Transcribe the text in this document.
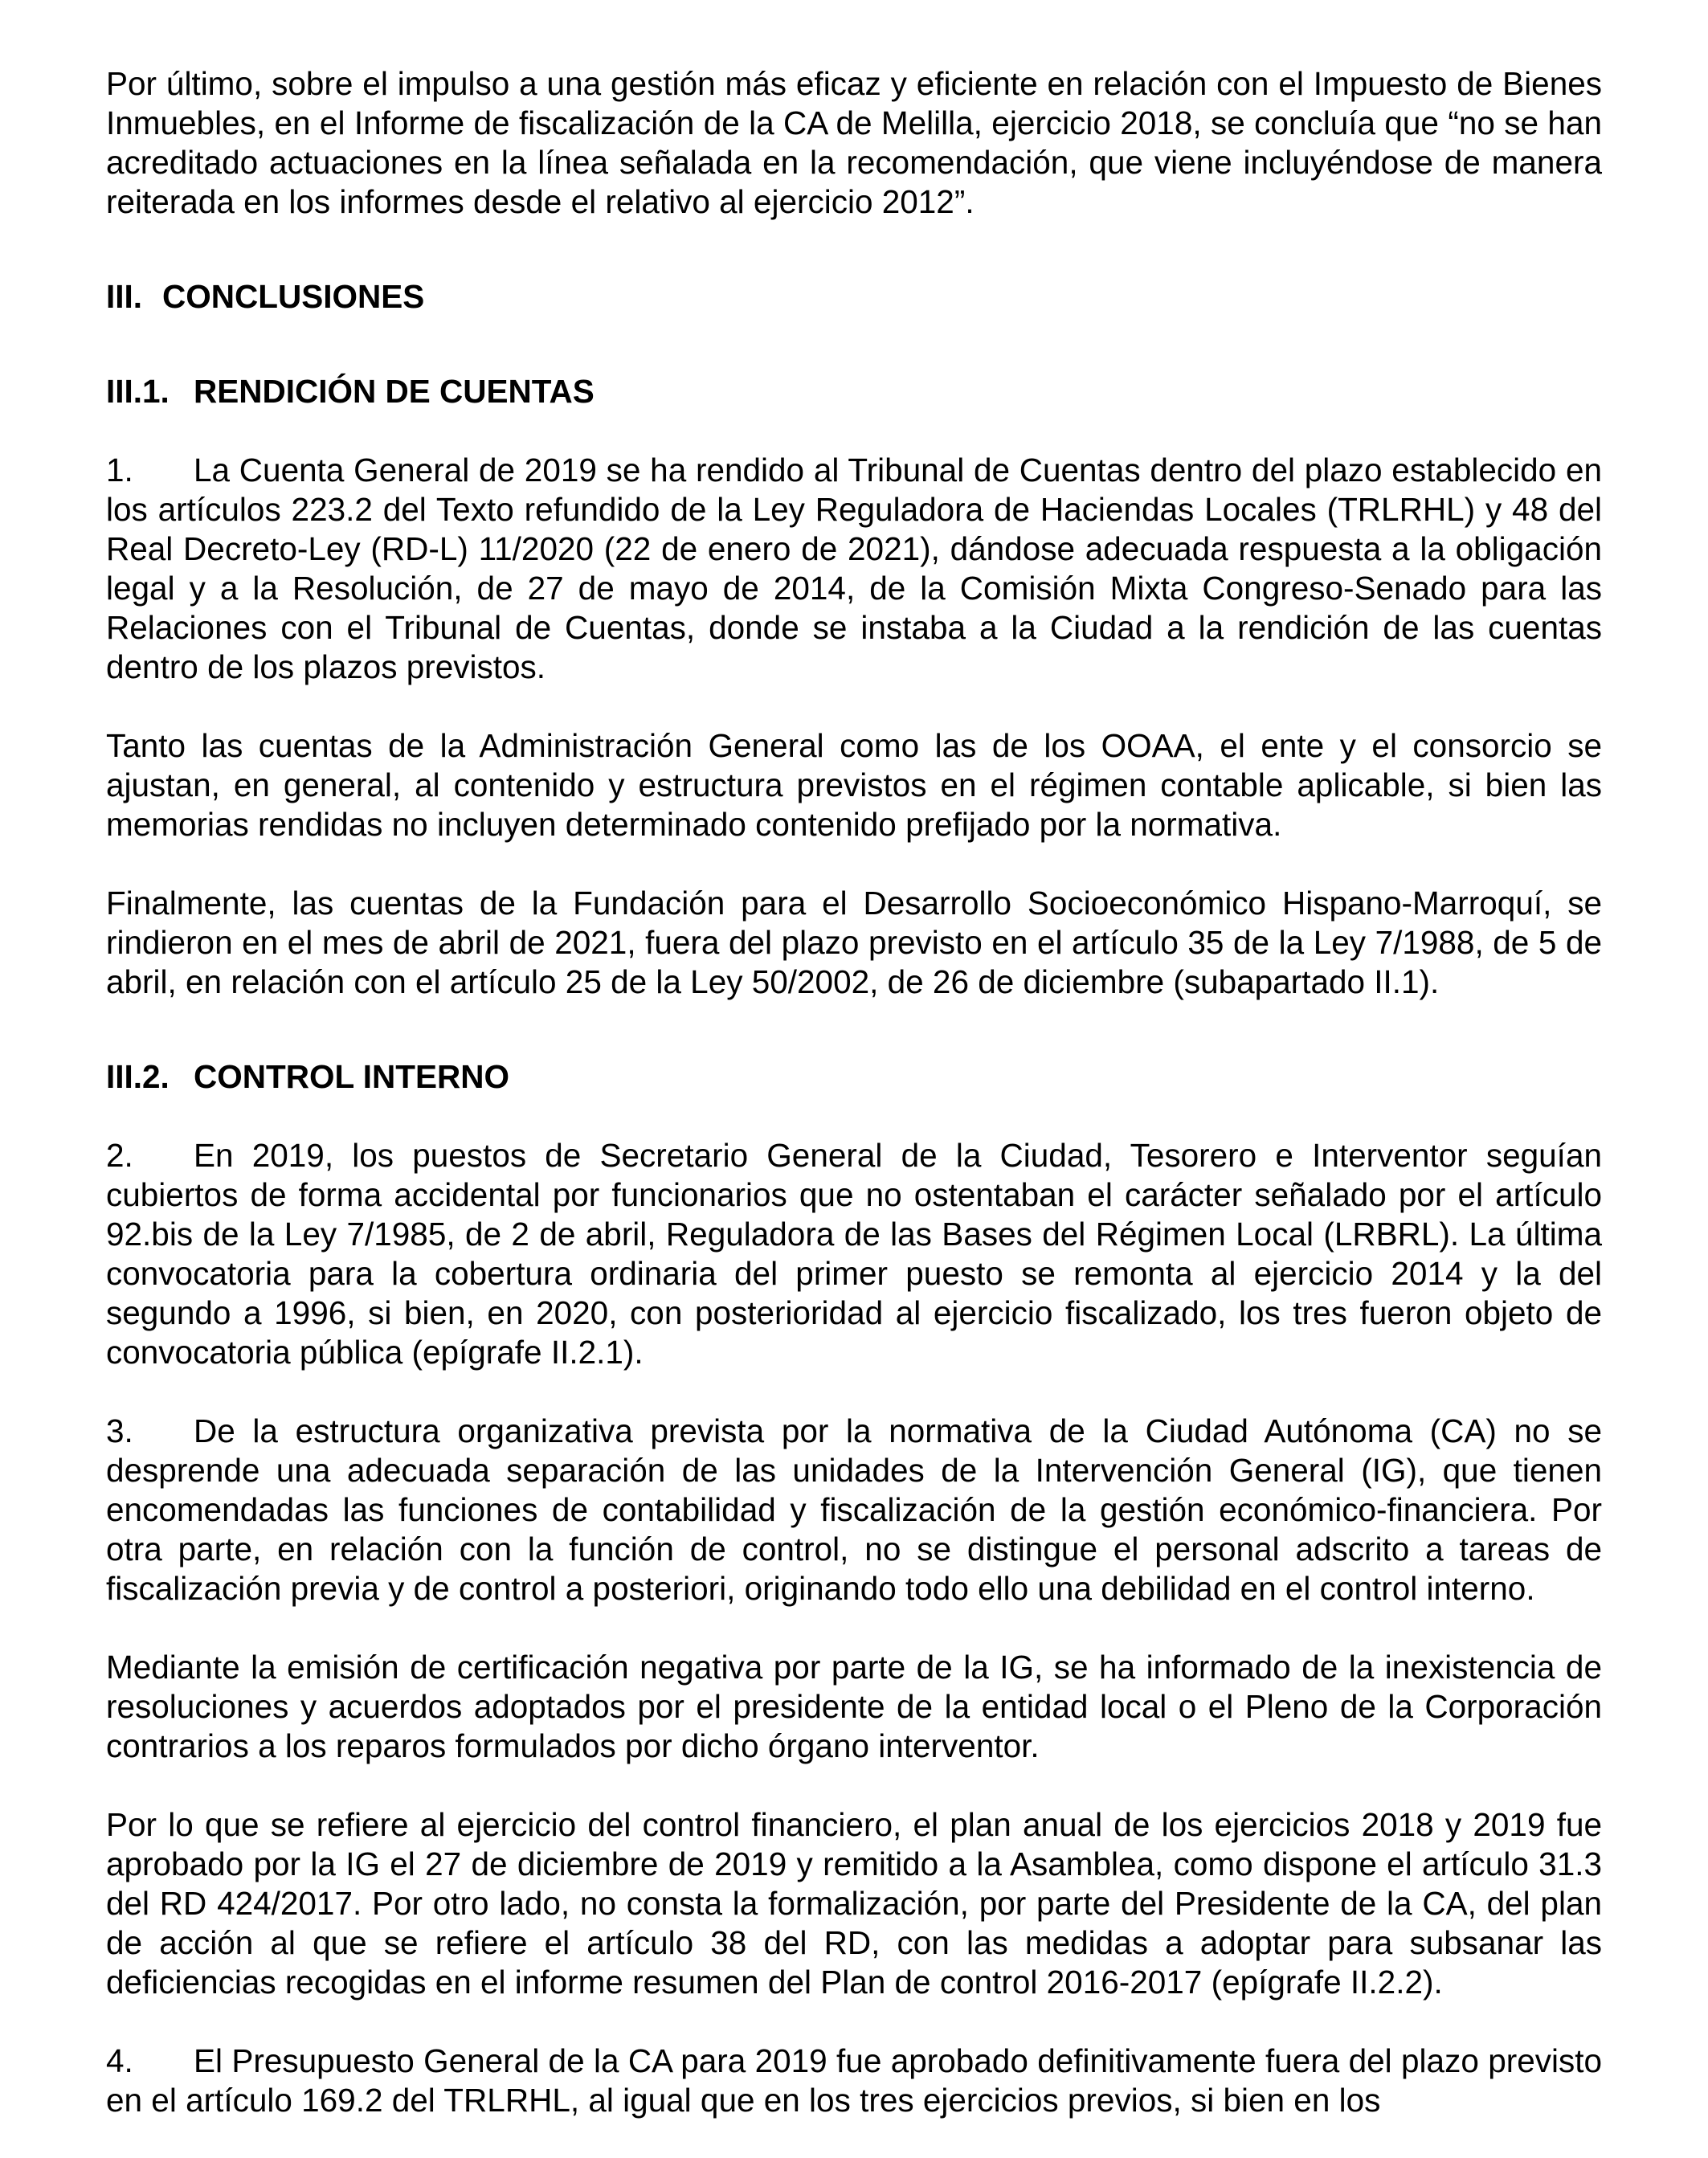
Por último, sobre el impulso a una gestión más eficaz y eficiente en relación con el Impuesto de Bienes Inmuebles, en el Informe de fiscalización de la CA de Melilla, ejercicio 2018, se concluía que “no se han acreditado actuaciones en la línea señalada en la recomendación, que viene incluyéndose de manera reiterada en los informes desde el relativo al ejercicio 2012”.

III. CONCLUSIONES
III.1. RENDICIÓN DE CUENTAS

1. La Cuenta General de 2019 se ha rendido al Tribunal de Cuentas dentro del plazo establecido en los artículos 223.2 del Texto refundido de la Ley Reguladora de Haciendas Locales (TRLRHL) y 48 del Real Decreto-Ley (RD-L) 11/2020 (22 de enero de 2021), dándose adecuada respuesta a la obligación legal y a la Resolución, de 27 de mayo de 2014, de la Comisión Mixta Congreso-Senado para las Relaciones con el Tribunal de Cuentas, donde se instaba a la Ciudad a la rendición de las cuentas dentro de los plazos previstos.

Tanto las cuentas de la Administración General como las de los OOAA, el ente y el consorcio se ajustan, en general, al contenido y estructura previstos en el régimen contable aplicable, si bien las memorias rendidas no incluyen determinado contenido prefijado por la normativa.

Finalmente, las cuentas de la Fundación para el Desarrollo Socioeconómico Hispano-Marroquí, se rindieron en el mes de abril de 2021, fuera del plazo previsto en el artículo 35 de la Ley 7/1988, de 5 de abril, en relación con el artículo 25 de la Ley 50/2002, de 26 de diciembre (subapartado II.1).

III.2. CONTROL INTERNO

2. En 2019, los puestos de Secretario General de la Ciudad, Tesorero e Interventor seguían cubiertos de forma accidental por funcionarios que no ostentaban el carácter señalado por el artículo 92.bis de la Ley 7/1985, de 2 de abril, Reguladora de las Bases del Régimen Local (LRBRL). La última convocatoria para la cobertura ordinaria del primer puesto se remonta al ejercicio 2014 y la del segundo a 1996, si bien, en 2020, con posterioridad al ejercicio fiscalizado, los tres fueron objeto de convocatoria pública (epígrafe II.2.1).

3. De la estructura organizativa prevista por la normativa de la Ciudad Autónoma (CA) no se desprende una adecuada separación de las unidades de la Intervención General (IG), que tienen encomendadas las funciones de contabilidad y fiscalización de la gestión económico-financiera. Por otra parte, en relación con la función de control, no se distingue el personal adscrito a tareas de fiscalización previa y de control a posteriori, originando todo ello una debilidad en el control interno.

Mediante la emisión de certificación negativa por parte de la IG, se ha informado de la inexistencia de resoluciones y acuerdos adoptados por el presidente de la entidad local o el Pleno de la Corporación contrarios a los reparos formulados por dicho órgano interventor.

Por lo que se refiere al ejercicio del control financiero, el plan anual de los ejercicios 2018 y 2019 fue aprobado por la IG el 27 de diciembre de 2019 y remitido a la Asamblea, como dispone el artículo 31.3 del RD 424/2017. Por otro lado, no consta la formalización, por parte del Presidente de la CA, del plan de acción al que se refiere el artículo 38 del RD, con las medidas a adoptar para subsanar las deficiencias recogidas en el informe resumen del Plan de control 2016-2017 (epígrafe II.2.2).

4. El Presupuesto General de la CA para 2019 fue aprobado definitivamente fuera del plazo previsto en el artículo 169.2 del TRLRHL, al igual que en los tres ejercicios previos, si bien en los
